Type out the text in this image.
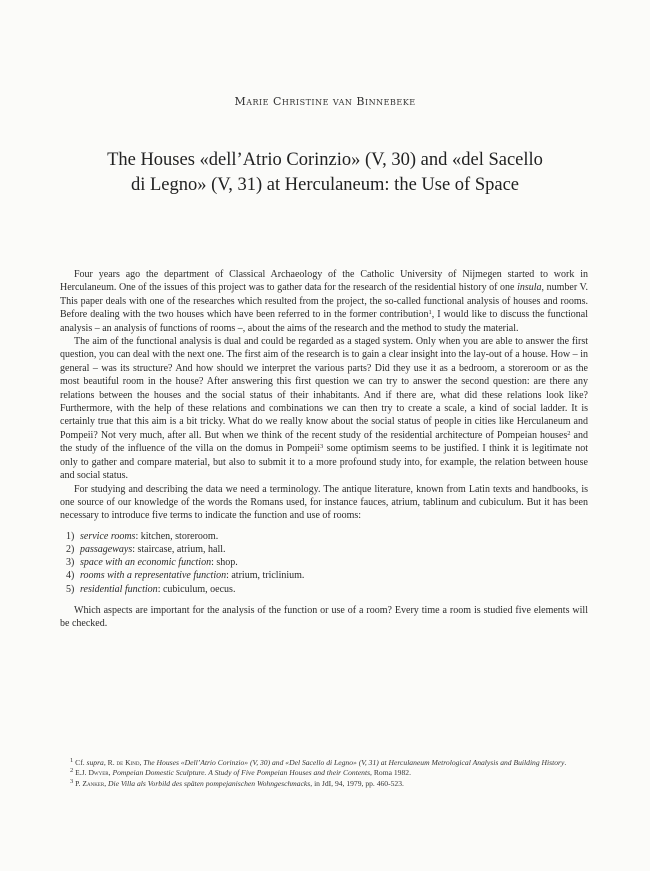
Marie Christine van Binnebeke
The Houses «dell’Atrio Corinzio» (V, 30) and «del Sacello
di Legno» (V, 31) at Herculaneum: the Use of Space

Four years ago the department of Classical Archaeology of the Catholic University of Nijmegen started to work in Herculaneum. One of the issues of this project was to gather data for the research of the residential history of one insula, number V. This paper deals with one of the researches which resulted from the project, the so-called functional analysis of houses and rooms. Before dealing with the two houses which have been referred to in the former contribution$^1$, I would like to discuss the functional analysis – an analysis of functions of rooms –, about the aims of the research and the method to study the material.

The aim of the functional analysis is dual and could be regarded as a staged system. Only when you are able to answer the first question, you can deal with the next one. The first aim of the research is to gain a clear insight into the lay-out of a house. How – in general – was its structure? And how should we interpret the various parts? Did they use it as a bedroom, a storeroom or as the most beautiful room in the house? After answering this first question we can try to answer the second question: are there any relations between the houses and the social status of their inhabitants. And if there are, what did these relations look like? Furthermore, with the help of these relations and combinations we can then try to create a scale, a kind of social ladder. It is certainly true that this aim is a bit tricky. What do we really know about the social status of people in cities like Herculaneum and Pompeii? Not very much, after all. But when we think of the recent study of the residential architecture of Pompeian houses$^2$ and the study of the influence of the villa on the domus in Pompeii$^3$ some optimism seems to be justified. I think it is legitimate not only to gather and compare material, but also to submit it to a more profound study into, for example, the relation between house and social status.

For studying and describing the data we need a terminology. The antique literature, known from Latin texts and handbooks, is one source of our knowledge of the words the Romans used, for instance fauces, atrium, tablinum and cubiculum. But it has been necessary to introduce five terms to indicate the function and use of rooms:

1) service rooms: kitchen, storeroom.
2) passageways: staircase, atrium, hall.
3) space with an economic function: shop.
4) rooms with a representative function: atrium, triclinium.
5) residential function: cubiculum, oecus.

Which aspects are important for the analysis of the function or use of a room? Every time a room is studied five elements will be checked.

$^1$ Cf. supra, R. de Kind, The Houses «Dell’Atrio Corinzio» (V, 30) and «Del Sacello di Legno» (V, 31) at Herculaneum Metrological Analysis and Building History.
$^2$ E.J. Dwyer, Pompeian Domestic Sculpture. A Study of Five Pompeian Houses and their Contents, Roma 1982.
$^3$ P. Zanker, Die Villa als Vorbild des späten pompejanischen Wohngeschmacks, in JdI, 94, 1979, pp. 460-523.
